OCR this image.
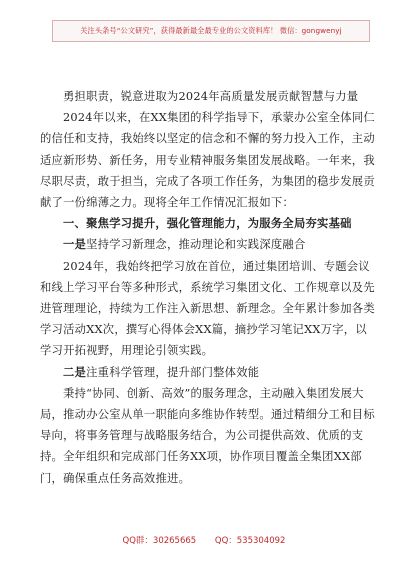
关注头条号“公文研究”，获得最新最全最专业的公文资料库！ 微信：gongwenyj

勇担职责，锐意进取为2024年高质量发展贡献智慧与力量

2024年以来，在XX集团的科学指导下，承蒙办公室全体同仁的信任和支持，我始终以坚定的信念和不懈的努力投入工作，主动适应新形势、新任务，用专业精神服务集团发展战略。一年来，我尽职尽责，敢于担当，完成了各项工作任务，为集团的稳步发展贡献了一份绵薄之力。现将全年工作情况汇报如下：

一、聚焦学习提升，强化管理能力，为服务全局夯实基础

一是坚持学习新理念，推动理论和实践深度融合

2024年，我始终把学习放在首位，通过集团培训、专题会议和线上学习平台等多种形式，系统学习集团文化、工作规章以及先进管理理论，持续为工作注入新思想、新理念。全年累计参加各类学习活动XX次，撰写心得体会XX篇，摘抄学习笔记XX万字，以学习开拓视野，用理论引领实践。

二是注重科学管理，提升部门整体效能

秉持“协同、创新、高效”的服务理念，主动融入集团发展大局，推动办公室从单一职能向多维协作转型。通过精细分工和目标导向，将事务管理与战略服务结合，为公司提供高效、优质的支持。全年组织和完成部门任务XX项，协作项目覆盖全集团XX部门，确保重点任务高效推进。

QQ群：30265665 QQ：535304092
